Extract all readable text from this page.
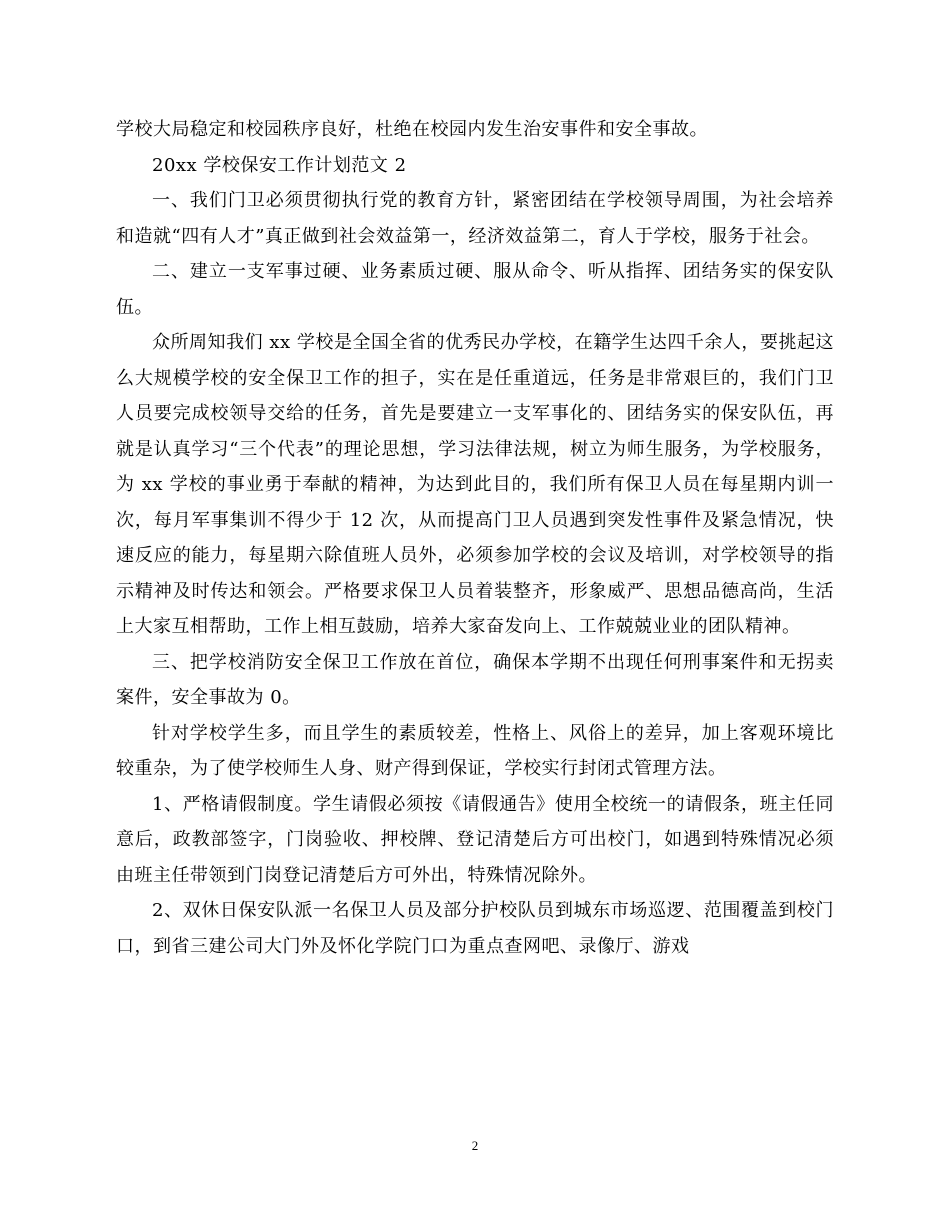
学校大局稳定和校园秩序良好，杜绝在校园内发生治安事件和安全事故。

20xx 学校保安工作计划范文 2

一、我们门卫必须贯彻执行党的教育方针，紧密团结在学校领导周围，为社会培养和造就“四有人才”真正做到社会效益第一，经济效益第二，育人于学校，服务于社会。

二、建立一支军事过硬、业务素质过硬、服从命令、听从指挥、团结务实的保安队伍。

众所周知我们 xx 学校是全国全省的优秀民办学校，在籍学生达四千余人，要挑起这么大规模学校的安全保卫工作的担子，实在是任重道远，任务是非常艰巨的，我们门卫人员要完成校领导交给的任务，首先是要建立一支军事化的、团结务实的保安队伍，再就是认真学习“三个代表”的理论思想，学习法律法规，树立为师生服务，为学校服务，为 xx 学校的事业勇于奉献的精神，为达到此目的，我们所有保卫人员在每星期内训一次，每月军事集训不得少于 12 次，从而提高门卫人员遇到突发性事件及紧急情况，快速反应的能力，每星期六除值班人员外，必须参加学校的会议及培训，对学校领导的指示精神及时传达和领会。严格要求保卫人员着装整齐，形象威严、思想品德高尚，生活上大家互相帮助，工作上相互鼓励，培养大家奋发向上、工作兢兢业业的团队精神。

三、把学校消防安全保卫工作放在首位，确保本学期不出现任何刑事案件和无拐卖案件，安全事故为 0。

针对学校学生多，而且学生的素质较差，性格上、风俗上的差异，加上客观环境比较重杂，为了使学校师生人身、财产得到保证，学校实行封闭式管理方法。

1、严格请假制度。学生请假必须按《请假通告》使用全校统一的请假条，班主任同意后，政教部签字，门岗验收、押校牌、登记清楚后方可出校门，如遇到特殊情况必须由班主任带领到门岗登记清楚后方可外出，特殊情况除外。

2、双休日保安队派一名保卫人员及部分护校队员到城东市场巡逻、范围覆盖到校门口，到省三建公司大门外及怀化学院门口为重点查网吧、录像厅、游戏

2
